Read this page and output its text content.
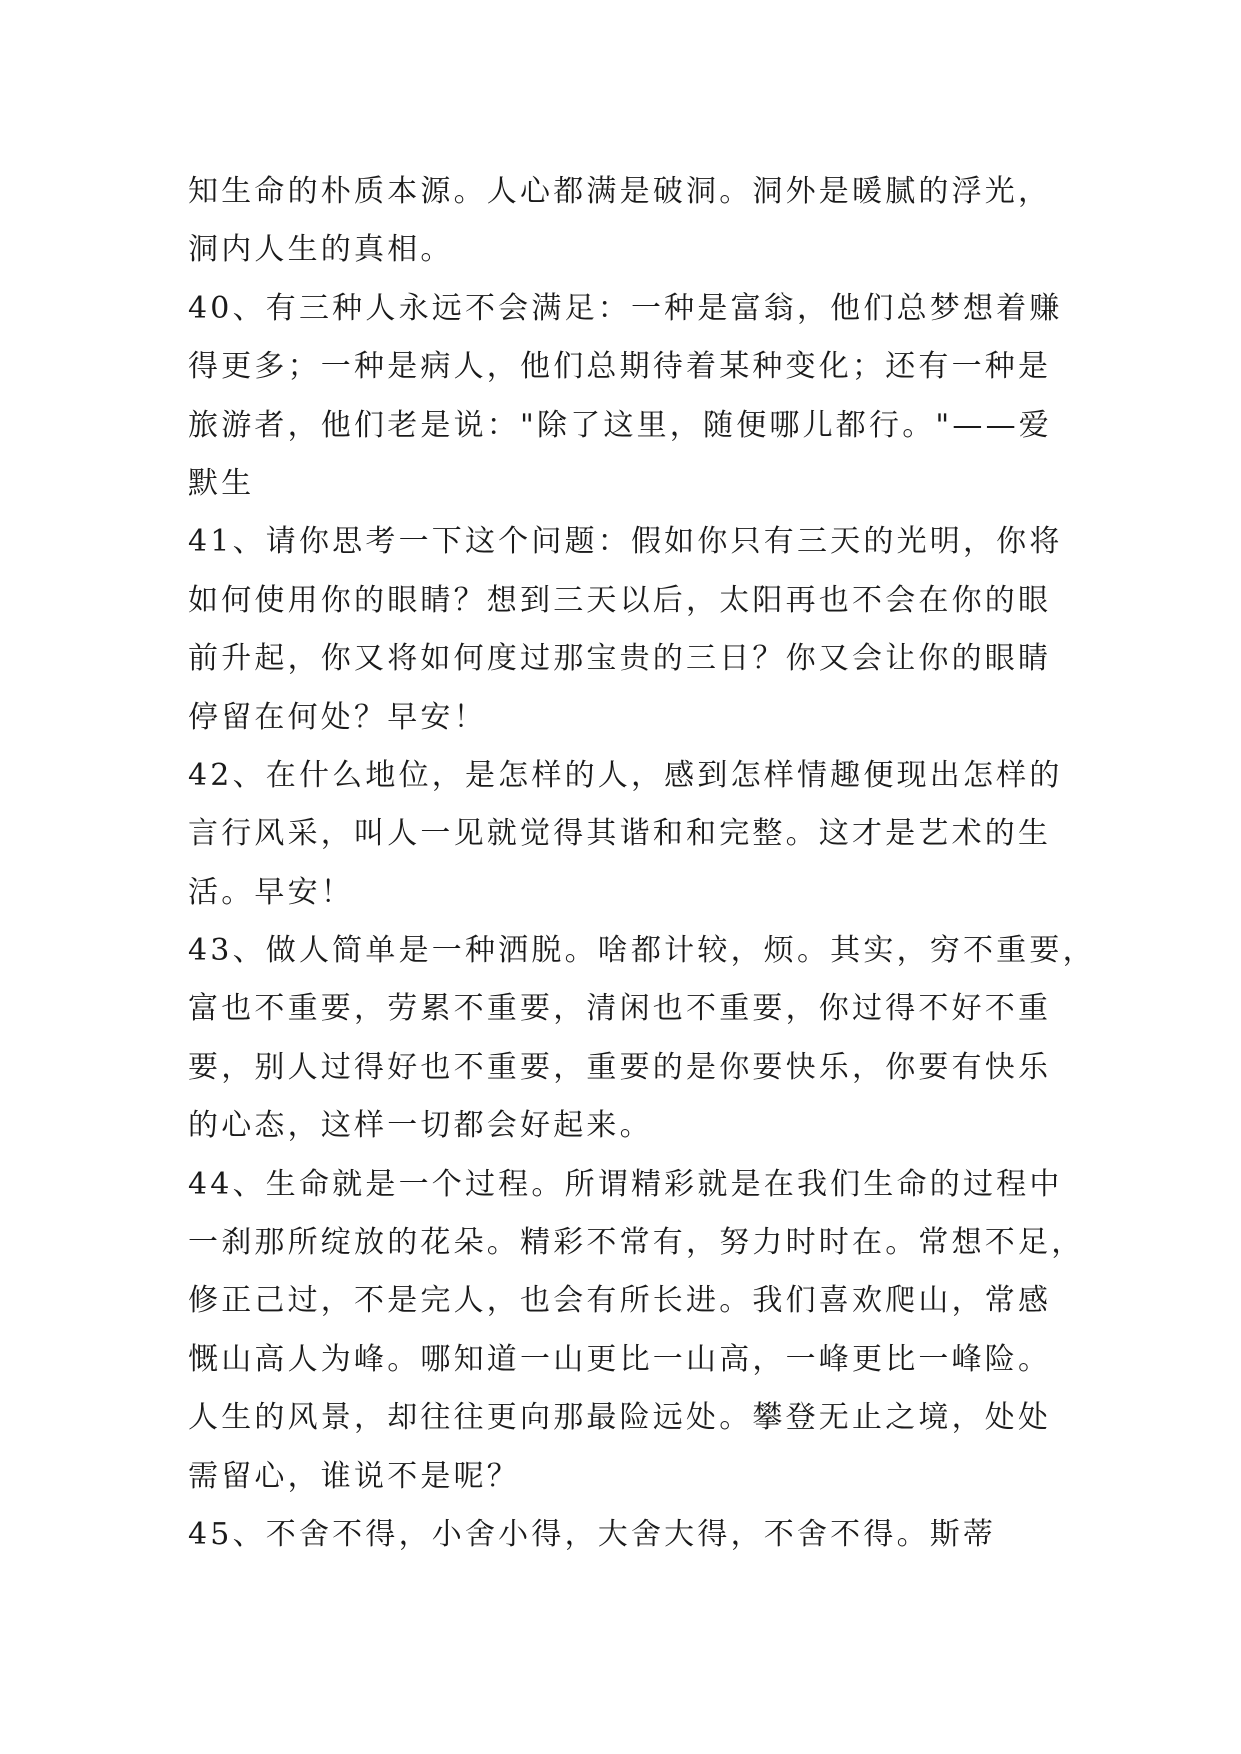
知生命的朴质本源。人心都满是破洞。洞外是暖腻的浮光，
洞内人生的真相。
40、有三种人永远不会满足：一种是富翁，他们总梦想着赚
得更多；一种是病人，他们总期待着某种变化；还有一种是
旅游者，他们老是说："除了这里，随便哪儿都行。"——爱
默生
41、请你思考一下这个问题：假如你只有三天的光明，你将
如何使用你的眼睛？想到三天以后，太阳再也不会在你的眼
前升起，你又将如何度过那宝贵的三日？你又会让你的眼睛
停留在何处？早安！
42、在什么地位，是怎样的人，感到怎样情趣便现出怎样的
言行风采，叫人一见就觉得其谐和和完整。这才是艺术的生
活。早安！
43、做人简单是一种洒脱。啥都计较，烦。其实，穷不重要，
富也不重要，劳累不重要，清闲也不重要，你过得不好不重
要，别人过得好也不重要，重要的是你要快乐，你要有快乐
的心态，这样一切都会好起来。
44、生命就是一个过程。所谓精彩就是在我们生命的过程中
一刹那所绽放的花朵。精彩不常有，努力时时在。常想不足，
修正己过，不是完人，也会有所长进。我们喜欢爬山，常感
慨山高人为峰。哪知道一山更比一山高，一峰更比一峰险。
人生的风景，却往往更向那最险远处。攀登无止之境，处处
需留心，谁说不是呢？
45、不舍不得，小舍小得，大舍大得，不舍不得。斯蒂
